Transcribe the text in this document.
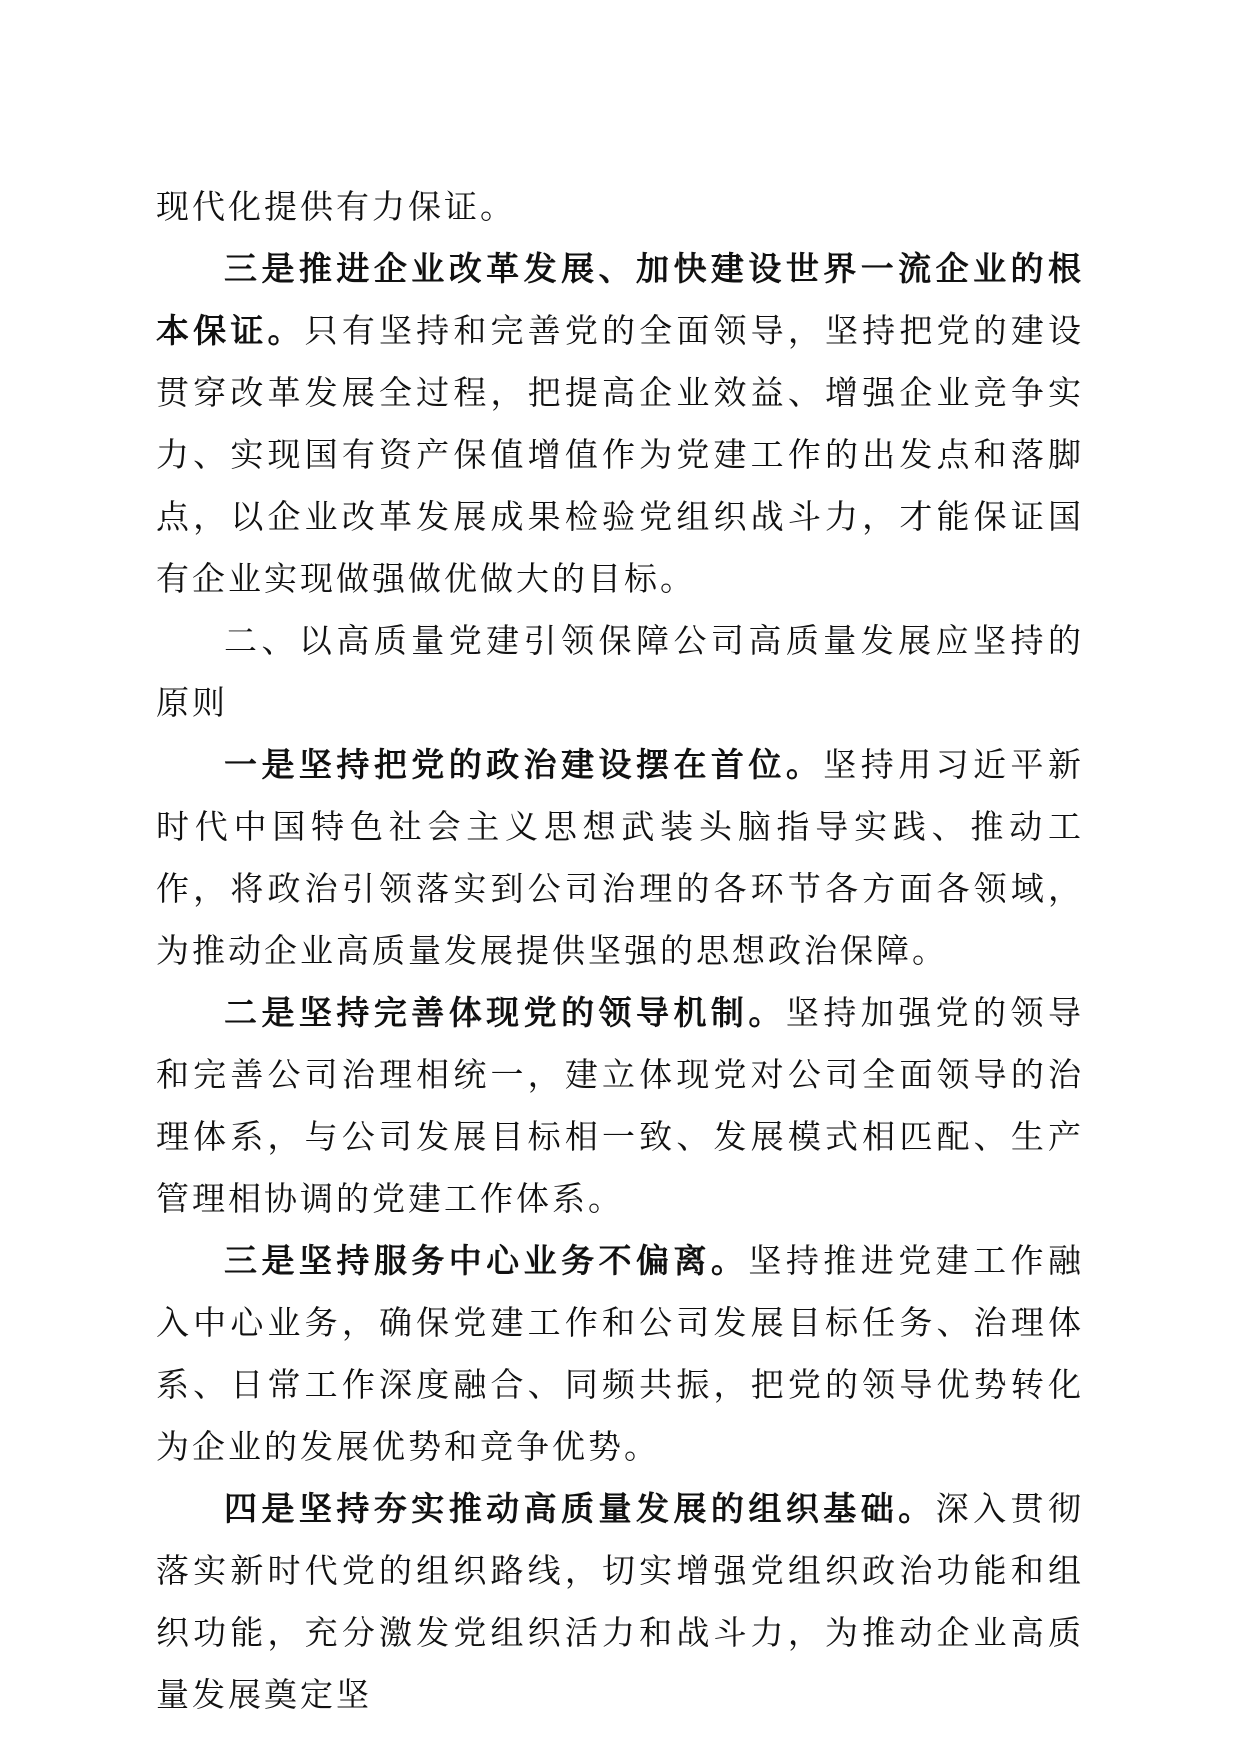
现代化提供有力保证。

三是推进企业改革发展、加快建设世界一流企业的根本保证。只有坚持和完善党的全面领导，坚持把党的建设贯穿改革发展全过程，把提高企业效益、增强企业竞争实力、实现国有资产保值增值作为党建工作的出发点和落脚点，以企业改革发展成果检验党组织战斗力，才能保证国有企业实现做强做优做大的目标。

二、以高质量党建引领保障公司高质量发展应坚持的原则

一是坚持把党的政治建设摆在首位。坚持用习近平新时代中国特色社会主义思想武装头脑指导实践、推动工作，将政治引领落实到公司治理的各环节各方面各领域，为推动企业高质量发展提供坚强的思想政治保障。

二是坚持完善体现党的领导机制。坚持加强党的领导和完善公司治理相统一，建立体现党对公司全面领导的治理体系，与公司发展目标相一致、发展模式相匹配、生产管理相协调的党建工作体系。

三是坚持服务中心业务不偏离。坚持推进党建工作融入中心业务，确保党建工作和公司发展目标任务、治理体系、日常工作深度融合、同频共振，把党的领导优势转化为企业的发展优势和竞争优势。

四是坚持夯实推动高质量发展的组织基础。深入贯彻落实新时代党的组织路线，切实增强党组织政治功能和组织功能，充分激发党组织活力和战斗力，为推动企业高质量发展奠定坚
